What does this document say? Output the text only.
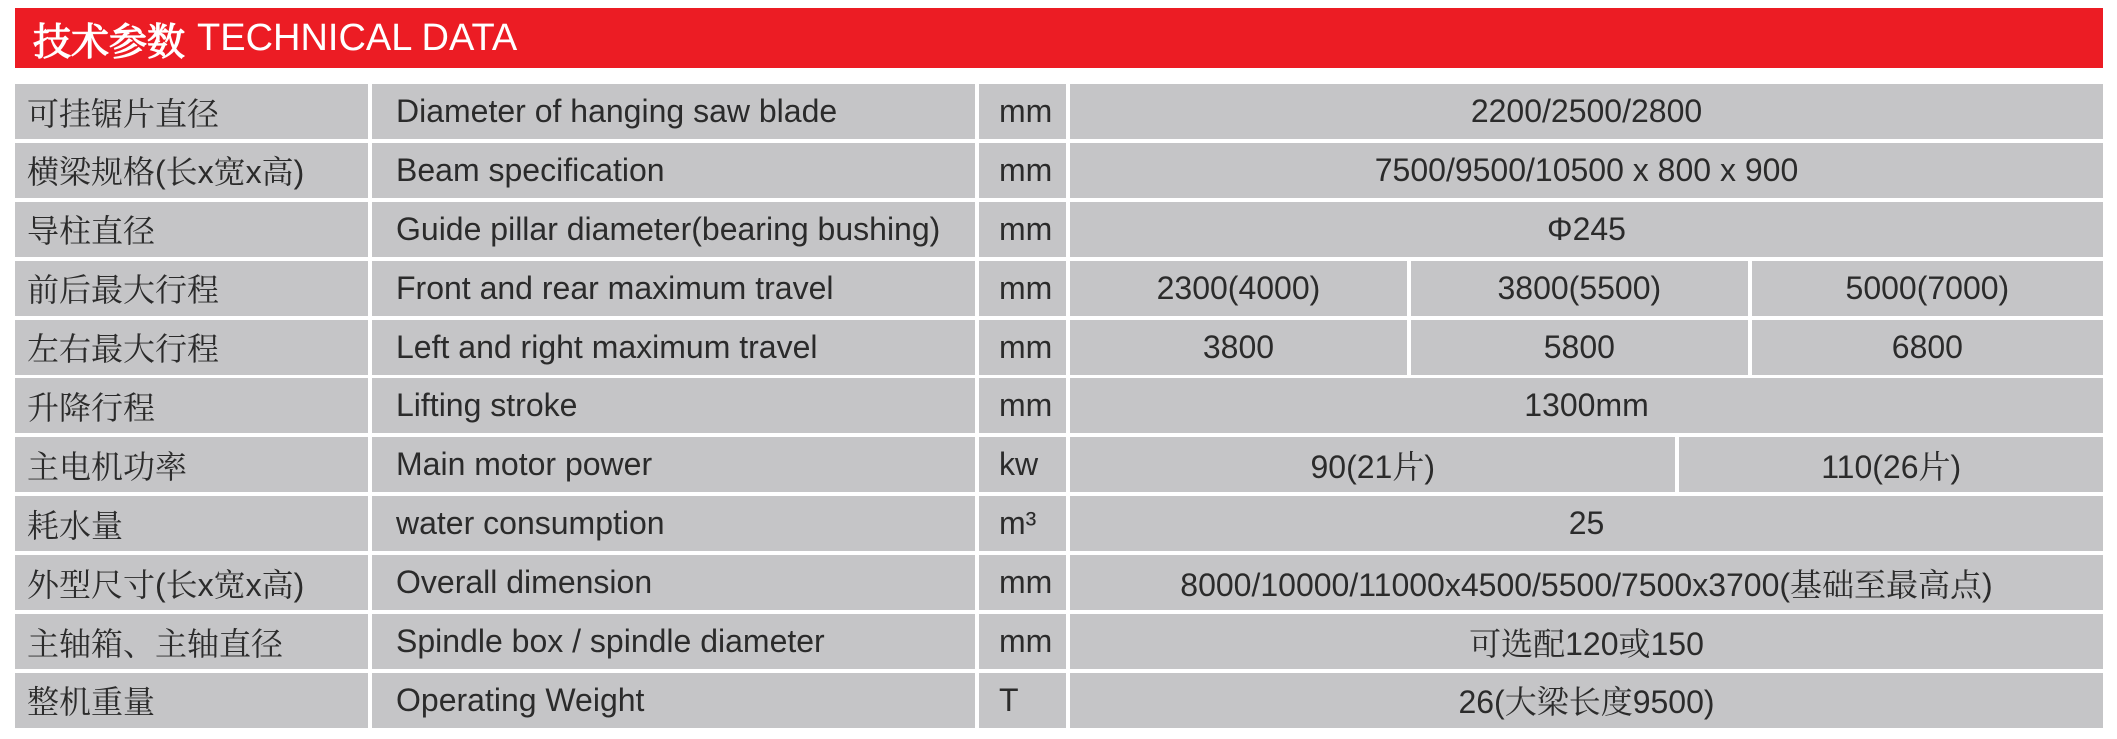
技术参数 TECHNICAL DATA
可挂锯片直径	Diameter of hanging saw blade	mm	2200/2500/2800
横梁规格(长x宽x高)	Beam specification	mm	7500/9500/10500 x 800 x 900
导柱直径	Guide pillar diameter(bearing bushing)	mm	Φ245
前后最大行程	Front and rear maximum travel	mm	2300(4000)	3800(5500)	5000(7000)
左右最大行程	Left and right maximum travel	mm	3800	5800	6800
升降行程	Lifting stroke	mm	1300mm
主电机功率	Main motor power	kw	90(21片)	110(26片)
耗水量	water consumption	m³	25
外型尺寸(长x宽x高)	Overall dimension	mm	8000/10000/11000x4500/5500/7500x3700(基础至最高点)
主轴箱、主轴直径	Spindle box / spindle diameter	mm	可选配120或150
整机重量	Operating Weight	T	26(大梁长度9500)
